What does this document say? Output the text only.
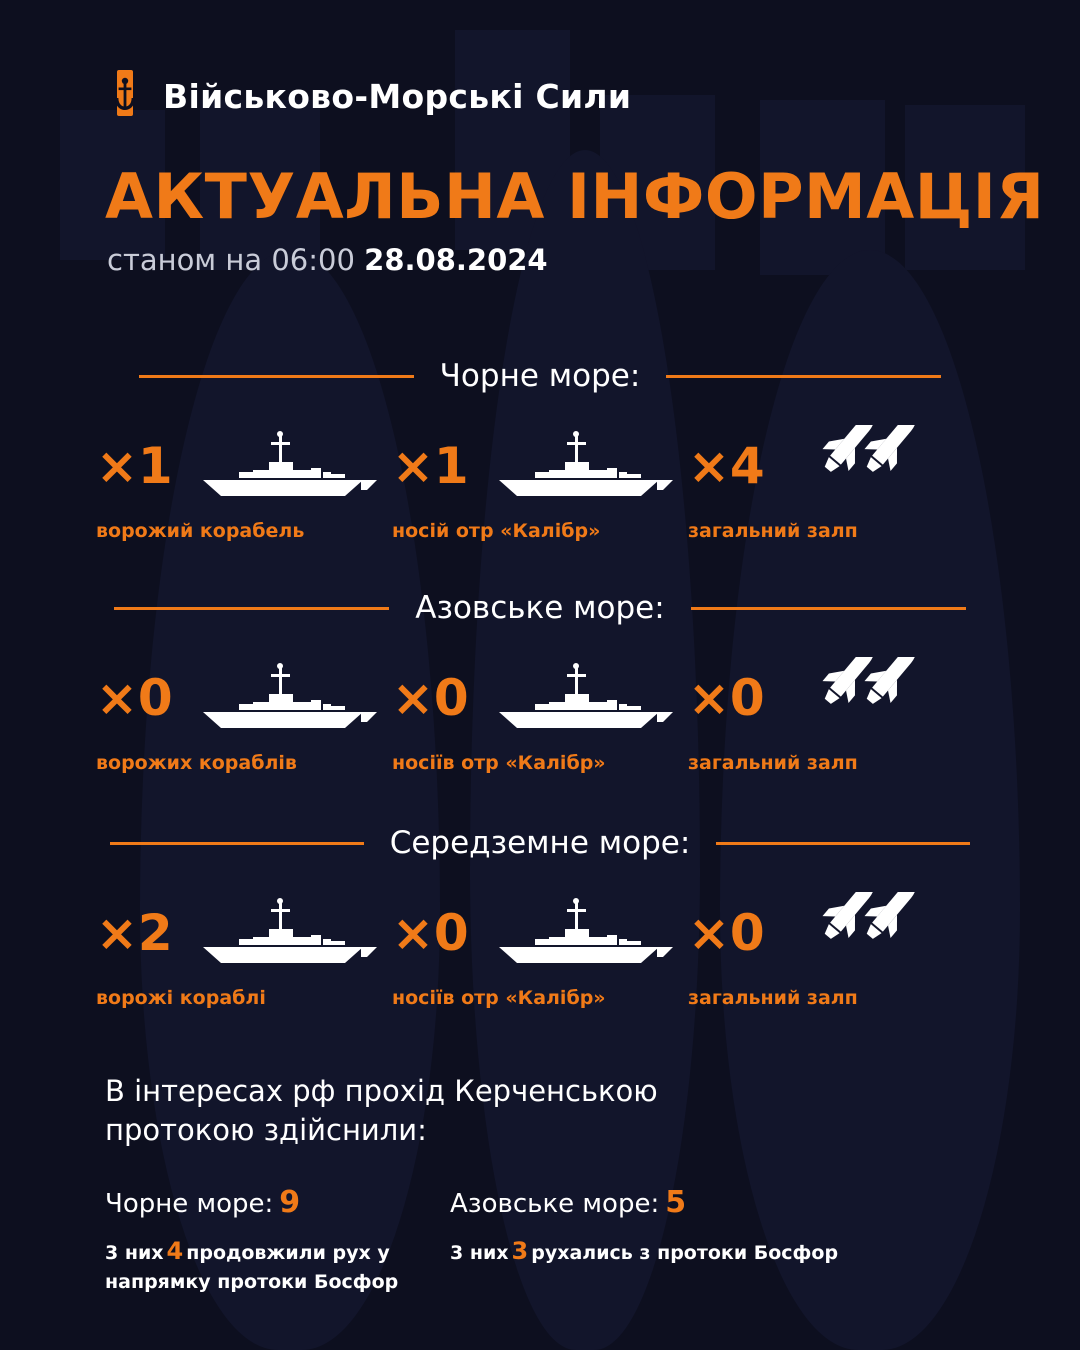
Військово-Морські Сили
АКТУАЛЬНА ІНФОРМАЦІЯ
станом на 06:00 28.08.2024
Чорне море:
×1
ворожий корабель
×1
носій отр «Калібр»
×4
загальний залп
Азовське море:
×0
ворожих кораблів
×0
носіїв отр «Калібр»
×0
загальний залп
Середземне море:
×2
ворожі кораблі
×0
носіїв отр «Калібр»
×0
загальний залп
В інтересах рф прохід Керченською протокою здійснили:
Чорне море: 9
3 них 4 продовжили рух у напрямку протоки Босфор
Азовське море: 5
3 них 3 рухались з протоки Босфор
